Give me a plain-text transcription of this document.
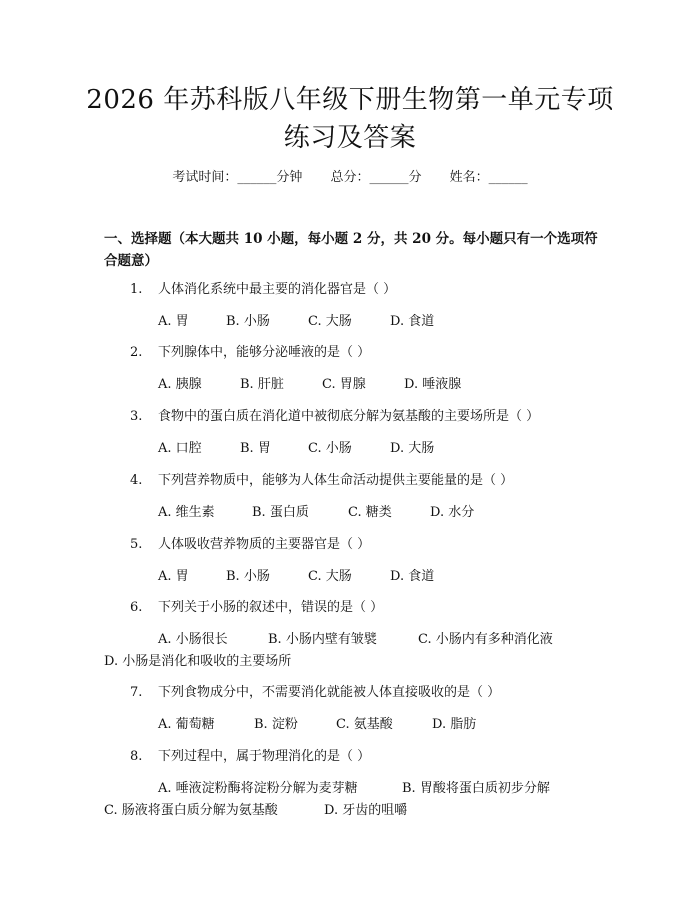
2026 年苏科版八年级下册生物第一单元专项
练习及答案
考试时间：______分钟 总分：______分 姓名：______
一、选择题（本大题共 10 小题，每小题 2 分，共 20 分。每小题只有一个选项符合题意）
1. 人体消化系统中最主要的消化器官是（ ）
A. 胃	B. 小肠	C. 大肠	D. 食道
2. 下列腺体中，能够分泌唾液的是（ ）
A. 胰腺	B. 肝脏	C. 胃腺	D. 唾液腺
3. 食物中的蛋白质在消化道中被彻底分解为氨基酸的主要场所是（ ）
A. 口腔	B. 胃	C. 小肠	D. 大肠
4. 下列营养物质中，能够为人体生命活动提供主要能量的是（ ）
A. 维生素	B. 蛋白质	C. 糖类	D. 水分
5. 人体吸收营养物质的主要器官是（ ）
A. 胃	B. 小肠	C. 大肠	D. 食道
6. 下列关于小肠的叙述中，错误的是（ ）
A. 小肠很长	B. 小肠内壁有皱襞	C. 小肠内有多种消化液
D. 小肠是消化和吸收的主要场所
7. 下列食物成分中，不需要消化就能被人体直接吸收的是（ ）
A. 葡萄糖	B. 淀粉	C. 氨基酸	D. 脂肪
8. 下列过程中，属于物理消化的是（ ）
A. 唾液淀粉酶将淀粉分解为麦芽糖	B. 胃酸将蛋白质初步分解
C. 肠液将蛋白质分解为氨基酸	D. 牙齿的咀嚼
